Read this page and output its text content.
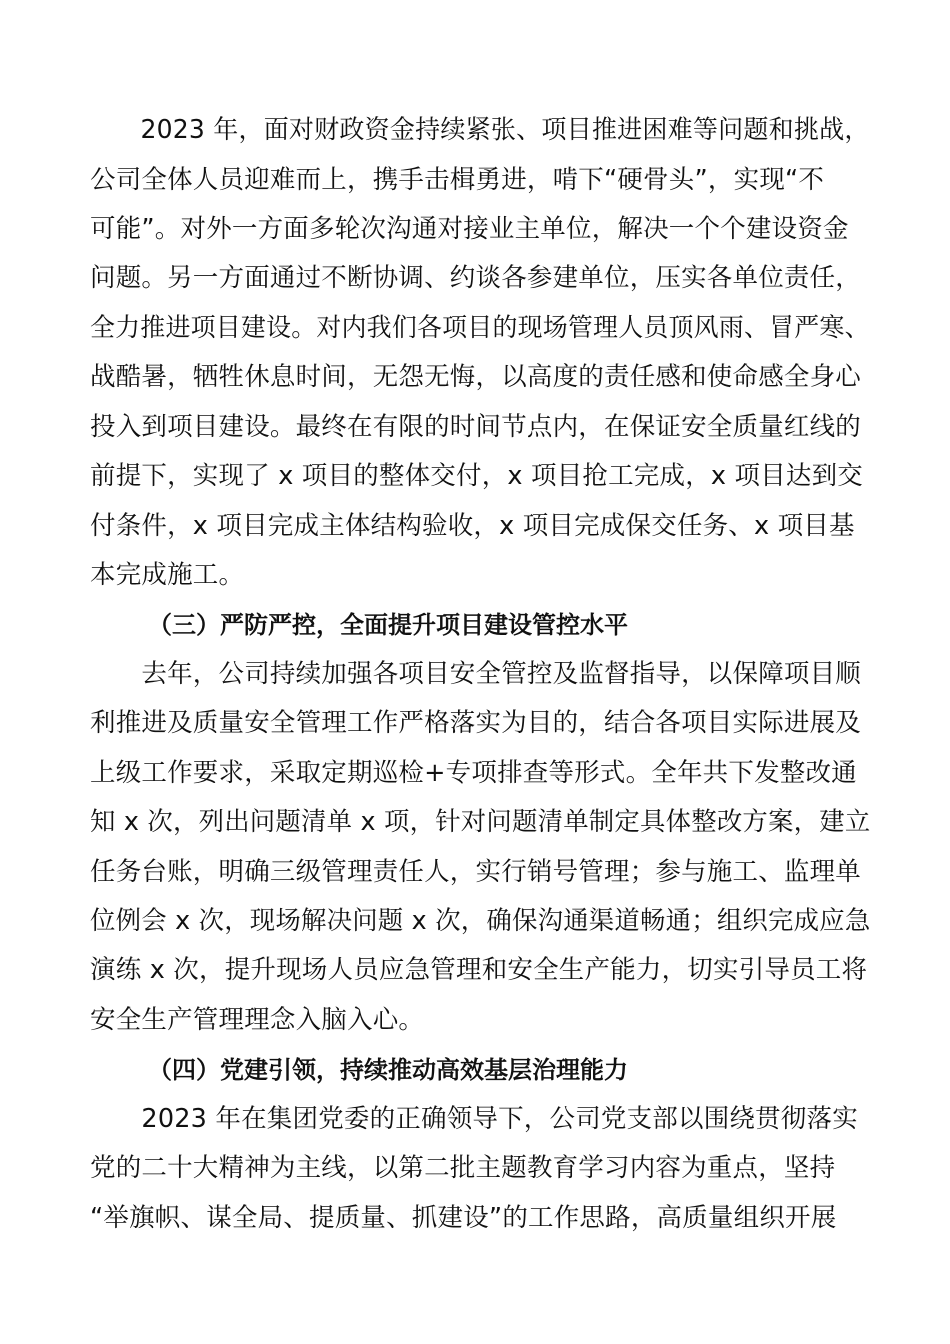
　　2023 年，面对财政资金持续紧张、项目推进困难等问题和挑战，
公司全体人员迎难而上，携手击楫勇进，啃下“硬骨头”，实现“不
可能”。对外一方面多轮次沟通对接业主单位，解决一个个建设资金
问题。另一方面通过不断协调、约谈各参建单位，压实各单位责任，
全力推进项目建设。对内我们各项目的现场管理人员顶风雨、冒严寒、
战酷暑，牺牲休息时间，无怨无悔，以高度的责任感和使命感全身心
投入到项目建设。最终在有限的时间节点内，在保证安全质量红线的
前提下，实现了 x 项目的整体交付，x 项目抢工完成，x 项目达到交
付条件，x 项目完成主体结构验收，x 项目完成保交任务、x 项目基
本完成施工。
（三）严防严控，全面提升项目建设管控水平
　　去年，公司持续加强各项目安全管控及监督指导，以保障项目顺
利推进及质量安全管理工作严格落实为目的，结合各项目实际进展及
上级工作要求，采取定期巡检+专项排查等形式。全年共下发整改通
知 x 次，列出问题清单 x 项，针对问题清单制定具体整改方案，建立
任务台账，明确三级管理责任人，实行销号管理；参与施工、监理单
位例会 x 次，现场解决问题 x 次，确保沟通渠道畅通；组织完成应急
演练 x 次，提升现场人员应急管理和安全生产能力，切实引导员工将
安全生产管理理念入脑入心。
（四）党建引领，持续推动高效基层治理能力
　　2023 年在集团党委的正确领导下，公司党支部以围绕贯彻落实
党的二十大精神为主线，以第二批主题教育学习内容为重点，坚持
“举旗帜、谋全局、提质量、抓建设”的工作思路，高质量组织开展
